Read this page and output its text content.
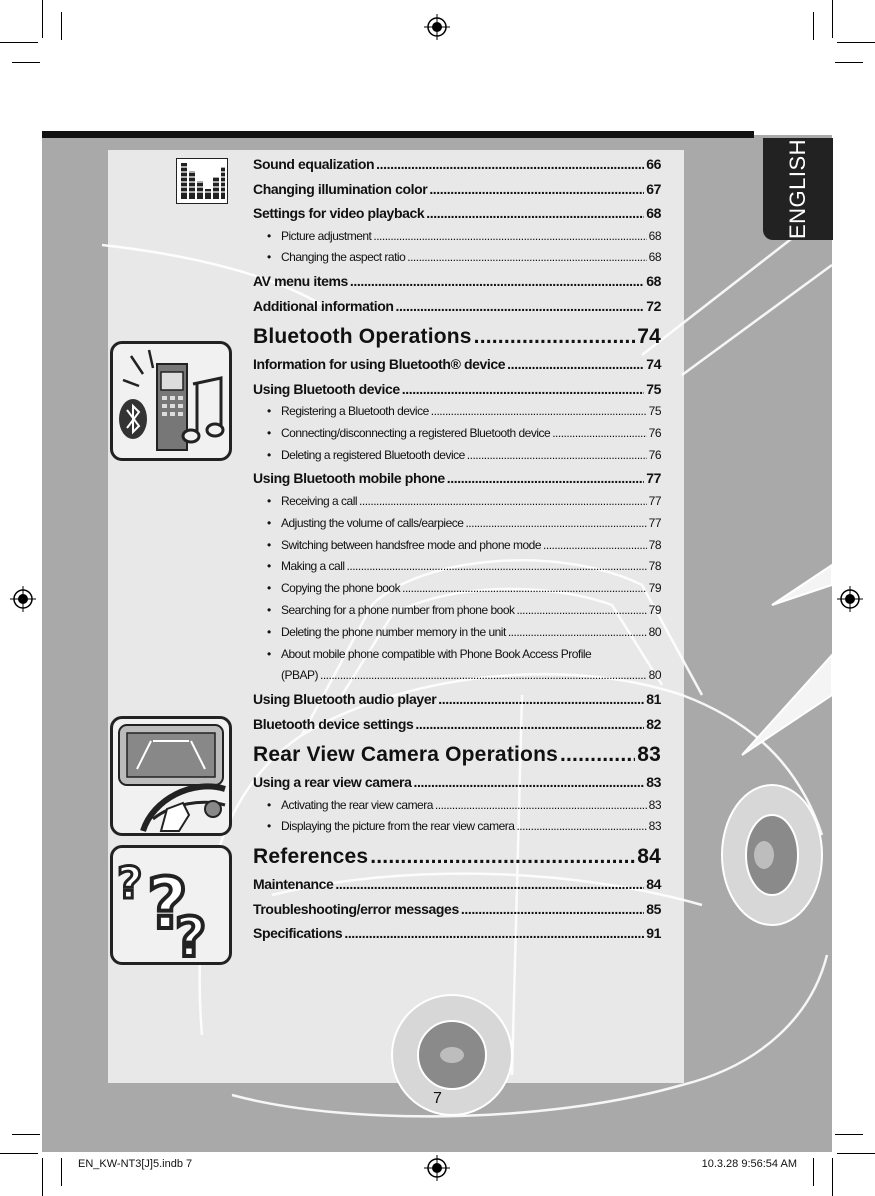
ENGLISH
? ?
?
Sound equalization .....	66
Changing illumination color .....	67
Settings for video playback .....	68
• Picture adjustment .....	68
• Changing the aspect ratio .....	68
AV menu items .....	68
Additional information .....	72
Bluetooth Operations .....	74
Information for using Bluetooth® device .....	74
Using Bluetooth device .....	75
• Registering a Bluetooth device .....	75
• Connecting/disconnecting a registered Bluetooth device .....	76
• Deleting a registered Bluetooth device .....	76
Using Bluetooth mobile phone .....	77
• Receiving a call .....	77
• Adjusting the volume of calls/earpiece .....	77
• Switching between handsfree mode and phone mode .....	78
• Making a call .....	78
• Copying the phone book .....	79
• Searching for a phone number from phone book .....	79
• Deleting the phone number memory in the unit .....	80
• About mobile phone compatible with Phone Book Access Profile
(PBAP) .....	80
Using Bluetooth audio player .....	81
Bluetooth device settings .....	82
Rear View Camera Operations .....	83
Using a rear view camera .....	83
• Activating the rear view camera .....	83
• Displaying the picture from the rear view camera .....	83
References .....	84
Maintenance .....	84
Troubleshooting/error messages .....	85
Specifications .....	91
7
EN_KW-NT3[J]5.indb 7	10.3.28 9:56:54 AM
